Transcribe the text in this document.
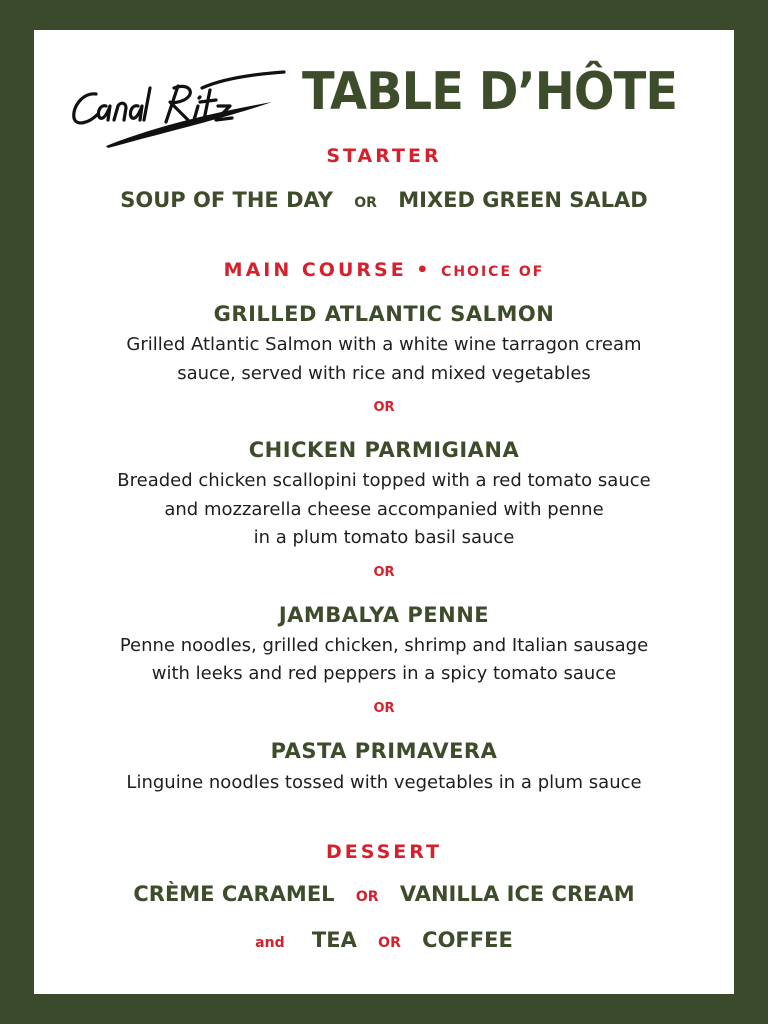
TABLE D’HÔTE
STARTER
SOUP OF THE DAY OR MIXED GREEN SALAD
MAIN COURSE • CHOICE OF
GRILLED ATLANTIC SALMON
Grilled Atlantic Salmon with a white wine tarragon cream
sauce, served with rice and mixed vegetables
OR
CHICKEN PARMIGIANA
Breaded chicken scallopini topped with a red tomato sauce
and mozzarella cheese accompanied with penne
in a plum tomato basil sauce
OR
JAMBALYA PENNE
Penne noodles, grilled chicken, shrimp and Italian sausage
with leeks and red peppers in a spicy tomato sauce
OR
PASTA PRIMAVERA
Linguine noodles tossed with vegetables in a plum sauce
DESSERT
CRÈME CARAMEL OR VANILLA ICE CREAM
and TEA OR COFFEE
